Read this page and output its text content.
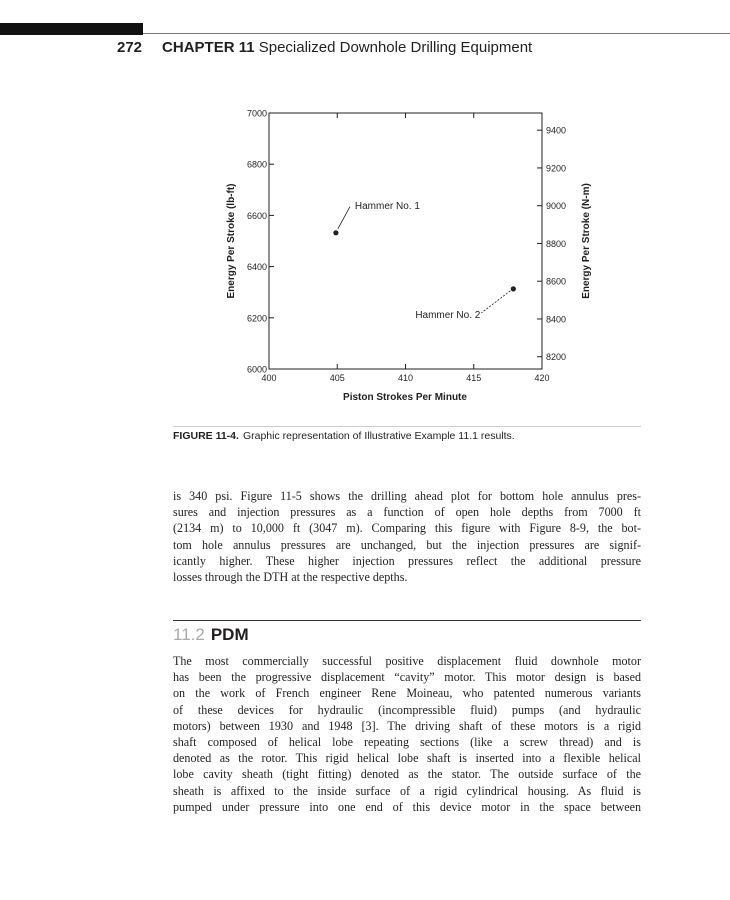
272 CHAPTER 11 Specialized Downhole Drilling Equipment
400	405	410	415	420
6000
6200
6400
6600
6800
7000
8200
8400
8600
8800
9000
9200
9400
Hammer No. 1
Hammer No. 2
Piston Strokes Per Minute
Energy Per Stroke (lb-ft)	Energy Per Stroke (N-m)
FIGURE 11-4. Graphic representation of Illustrative Example 11.1 results.

is 340 psi. Figure 11-5 shows the drilling ahead plot for bottom hole annulus pres-
sures and injection pressures as a function of open hole depths from 7000 ft
(2134 m) to 10,000 ft (3047 m). Comparing this figure with Figure 8-9, the bot-
tom hole annulus pressures are unchanged, but the injection pressures are signif-
icantly higher. These higher injection pressures reflect the additional pressure
losses through the DTH at the respective depths.

11.2 PDM

The most commercially successful positive displacement fluid downhole motor
has been the progressive displacement “cavity” motor. This motor design is based
on the work of French engineer Rene Moineau, who patented numerous variants
of these devices for hydraulic (incompressible fluid) pumps (and hydraulic
motors) between 1930 and 1948 [3]. The driving shaft of these motors is a rigid
shaft composed of helical lobe repeating sections (like a screw thread) and is
denoted as the rotor. This rigid helical lobe shaft is inserted into a flexible helical
lobe cavity sheath (tight fitting) denoted as the stator. The outside surface of the
sheath is affixed to the inside surface of a rigid cylindrical housing. As fluid is
pumped under pressure into one end of this device motor in the space between
